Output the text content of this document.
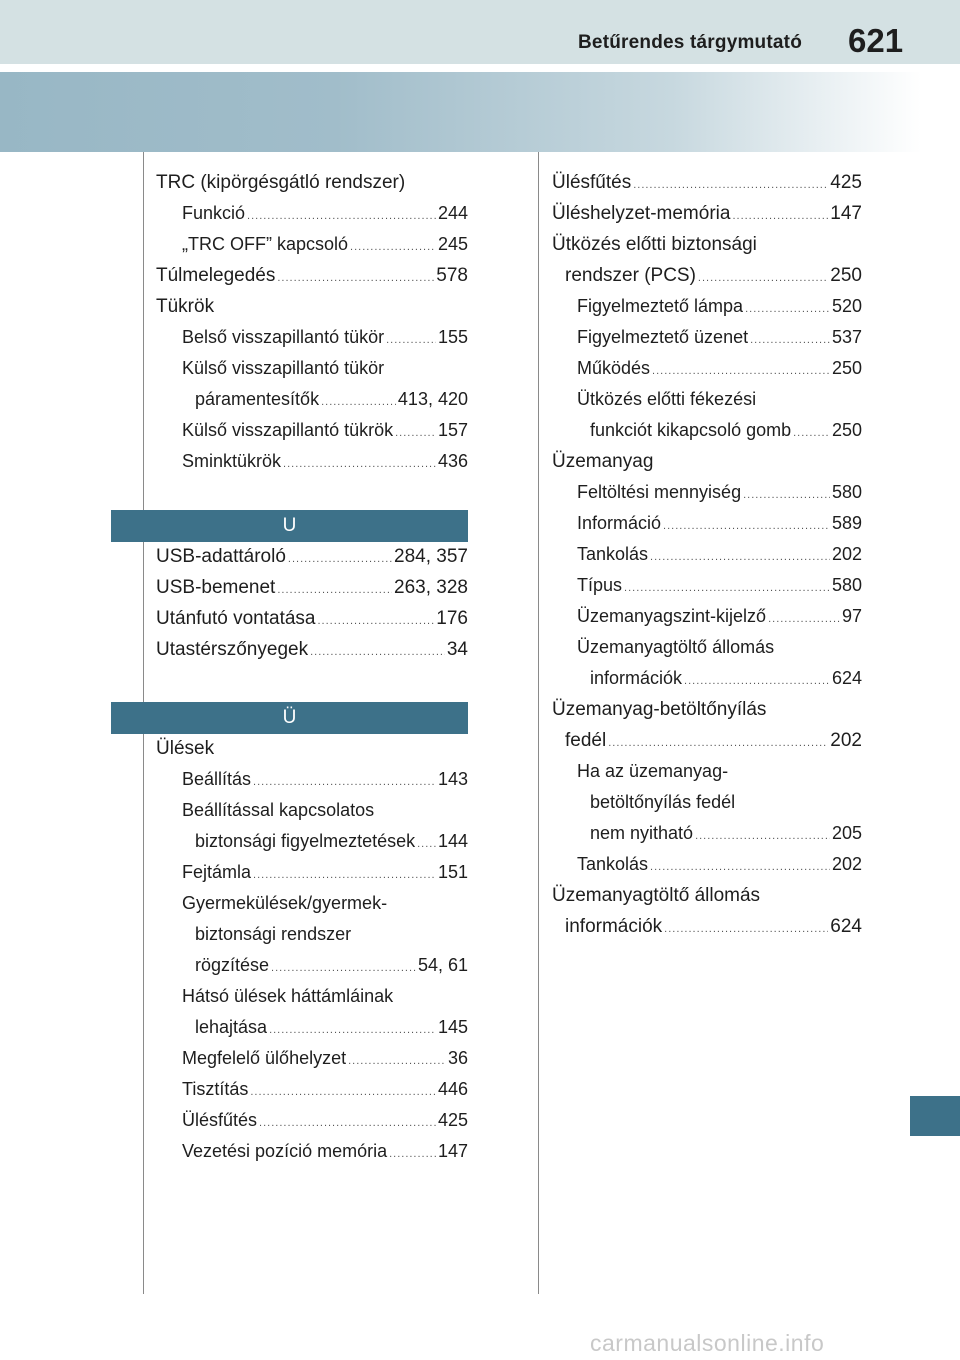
Betűrendes tárgymutató 621
TRC (kipörgésgátló rendszer)
Funkció .....	244
„TRC OFF” kapcsoló .....	245
Túlmelegedés .....	578
Tükrök
Belső visszapillantó tükör .....	155
Külső visszapillantó tükör
páramentesítők .....	413, 420
Külső visszapillantó tükrök ..... 157
Sminktükrök .....	436
U
USB-adattároló .....	284, 357
USB-bemenet .....	263, 328
Utánfutó vontatása .....	176
Utastérszőnyegek .....	34
Ü
Ülések
Beállítás .....	143
Beállítással kapcsolatos
biztonsági figyelmeztetések ..... 144
Fejtámla .....	151
Gyermekülések/gyermek-
biztonsági rendszer
rögzítése .....	54, 61
Hátsó ülések háttámláinak
lehajtása .....	145
Megfelelő ülőhelyzet .....	36
Tisztítás .....	446
Ülésfűtés .....	425
Vezetési pozíció memória .....	147
Ülésfűtés .....	425
Üléshelyzet-memória .....	147
Ütközés előtti biztonsági
rendszer (PCS) .....	250
Figyelmeztető lámpa .....	520
Figyelmeztető üzenet .....	537
Működés .....	250
Ütközés előtti fékezési
funkciót kikapcsoló gomb ..... 250
Üzemanyag
Feltöltési mennyiség .....	580
Információ .....	589
Tankolás .....	202
Típus .....	580
Üzemanyagszint-kijelző .....	97
Üzemanyagtöltő állomás
információk .....	624
Üzemanyag-betöltőnyílás
fedél .....	202
Ha az üzemanyag-
betöltőnyílás fedél
nem nyitható .....	205
Tankolás .....	202
Üzemanyagtöltő állomás
információk .....	624
carmanualsonline.info
